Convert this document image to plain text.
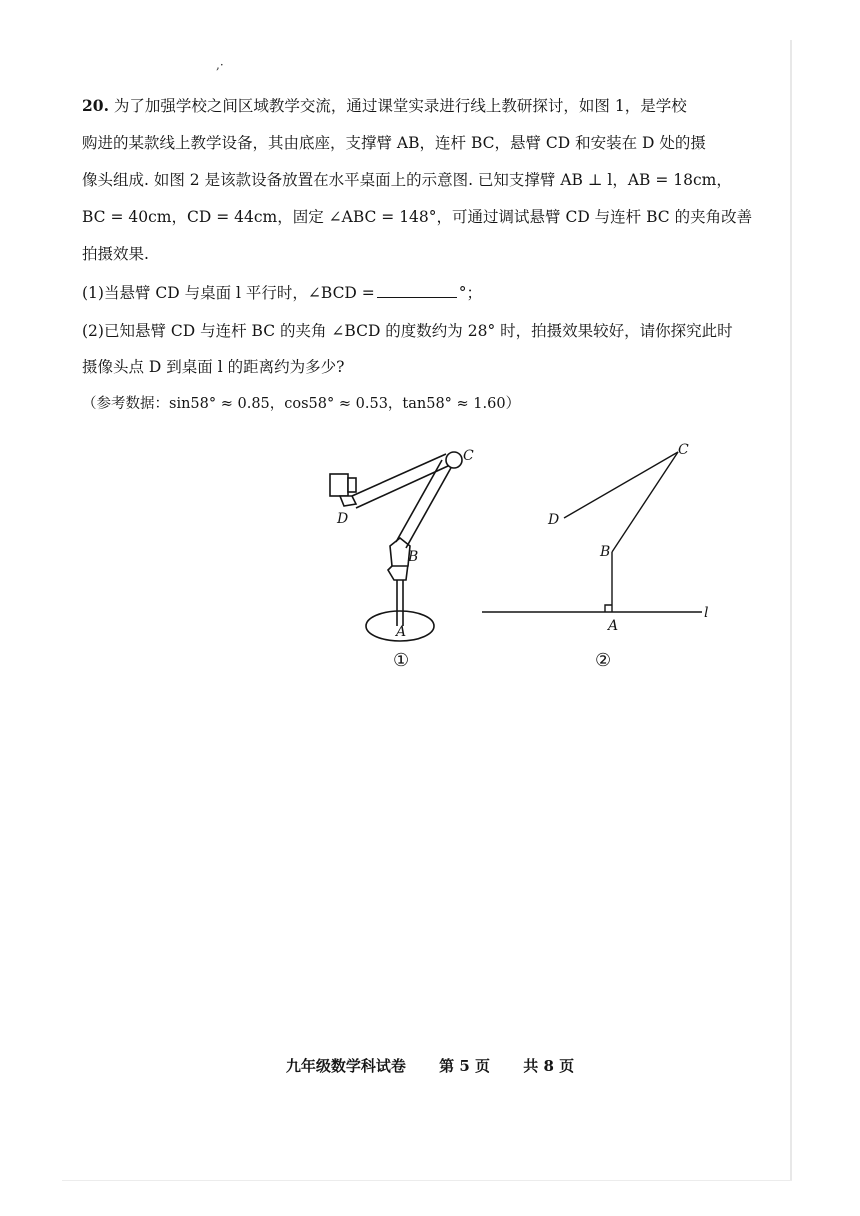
,·
20. 为了加强学校之间区域教学交流，通过课堂实录进行线上教研探讨，如图 1，是学校
购进的某款线上教学设备，其由底座，支撑臂 AB，连杆 BC，悬臂 CD 和安装在 D 处的摄
像头组成. 如图 2 是该款设备放置在水平桌面上的示意图. 已知支撑臂 AB ⊥ l，AB = 18cm，
BC = 40cm，CD = 44cm，固定 ∠ABC = 148°，可通过调试悬臂 CD 与连杆 BC 的夹角改善
拍摄效果.
(1)当悬臂 CD 与桌面 l 平行时，∠BCD =	°；
(2)已知悬臂 CD 与连杆 BC 的夹角 ∠BCD 的度数约为 28° 时，拍摄效果较好，请你探究此时
摄像头点 D 到桌面 l 的距离约为多少?
（参考数据：sin58° ≈ 0.85，cos58° ≈ 0.53，tan58° ≈ 1.60）
C
B
D
A
C
B
D
A
l
①	②
九年级数学科试卷 第 5 页 共 8 页
